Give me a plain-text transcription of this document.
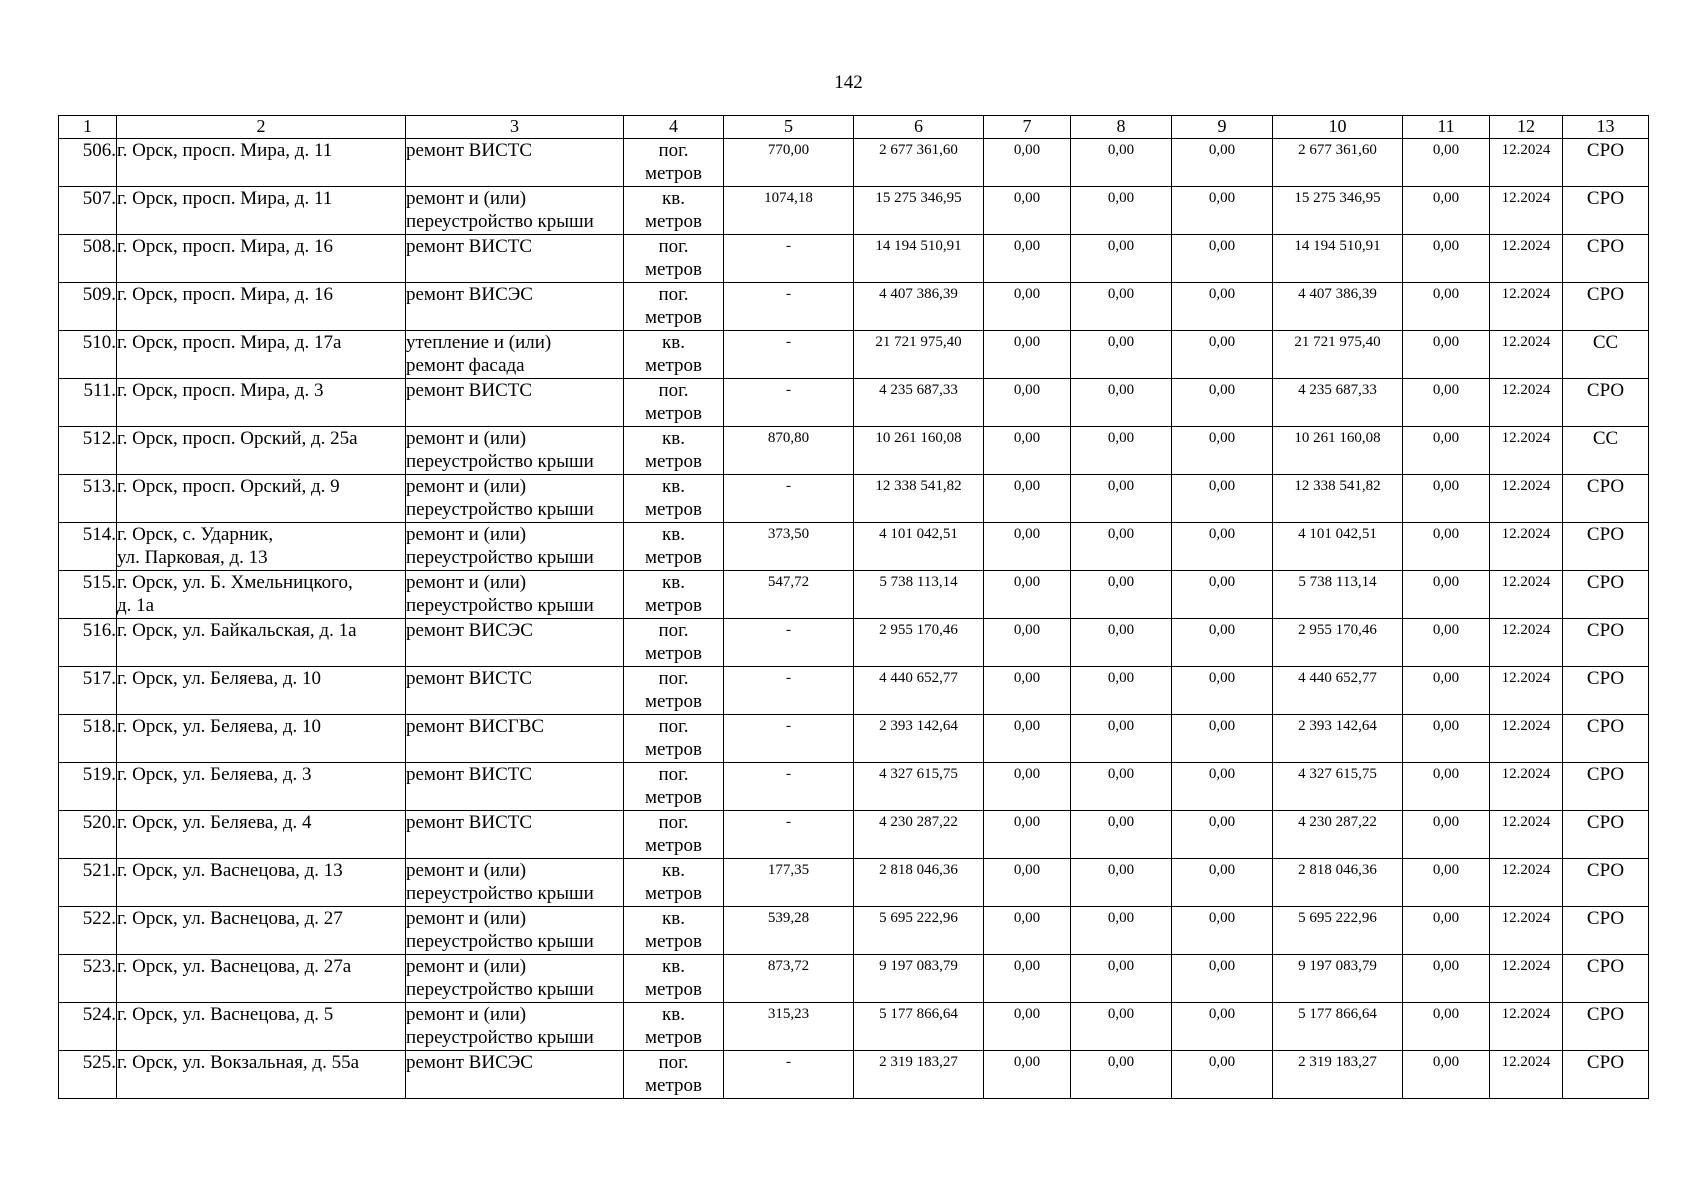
142
1	2	3	4	5	6	7	8	9	10	11	12	13
506.	г. Орск, просп. Мира, д. 11	ремонт ВИСТС	пог.
метров	770,00	2 677 361,60	0,00	0,00	0,00	2 677 361,60	0,00	12.2024	СРО
507.	г. Орск, просп. Мира, д. 11	ремонт и (или)
переустройство крыши	кв.
метров	1074,18	15 275 346,95	0,00	0,00	0,00	15 275 346,95	0,00	12.2024	СРО
508.	г. Орск, просп. Мира, д. 16	ремонт ВИСТС	пог.
метров	-	14 194 510,91	0,00	0,00	0,00	14 194 510,91	0,00	12.2024	СРО
509.	г. Орск, просп. Мира, д. 16	ремонт ВИСЭС	пог.
метров	-	4 407 386,39	0,00	0,00	0,00	4 407 386,39	0,00	12.2024	СРО
510.	г. Орск, просп. Мира, д. 17а	утепление и (или)
ремонт фасада	кв.
метров	-	21 721 975,40	0,00	0,00	0,00	21 721 975,40	0,00	12.2024	СС
511.	г. Орск, просп. Мира, д. 3	ремонт ВИСТС	пог.
метров	-	4 235 687,33	0,00	0,00	0,00	4 235 687,33	0,00	12.2024	СРО
512.	г. Орск, просп. Орский, д. 25а	ремонт и (или)
переустройство крыши	кв.
метров	870,80	10 261 160,08	0,00	0,00	0,00	10 261 160,08	0,00	12.2024	СС
513.	г. Орск, просп. Орский, д. 9	ремонт и (или)
переустройство крыши	кв.
метров	-	12 338 541,82	0,00	0,00	0,00	12 338 541,82	0,00	12.2024	СРО
514.	г. Орск, с. Ударник,
ул. Парковая, д. 13	ремонт и (или)
переустройство крыши	кв.
метров	373,50	4 101 042,51	0,00	0,00	0,00	4 101 042,51	0,00	12.2024	СРО
515.	г. Орск, ул. Б. Хмельницкого,
д. 1а	ремонт и (или)
переустройство крыши	кв.
метров	547,72	5 738 113,14	0,00	0,00	0,00	5 738 113,14	0,00	12.2024	СРО
516.	г. Орск, ул. Байкальская, д. 1а	ремонт ВИСЭС	пог.
метров	-	2 955 170,46	0,00	0,00	0,00	2 955 170,46	0,00	12.2024	СРО
517.	г. Орск, ул. Беляева, д. 10	ремонт ВИСТС	пог.
метров	-	4 440 652,77	0,00	0,00	0,00	4 440 652,77	0,00	12.2024	СРО
518.	г. Орск, ул. Беляева, д. 10	ремонт ВИСГВС	пог.
метров	-	2 393 142,64	0,00	0,00	0,00	2 393 142,64	0,00	12.2024	СРО
519.	г. Орск, ул. Беляева, д. 3	ремонт ВИСТС	пог.
метров	-	4 327 615,75	0,00	0,00	0,00	4 327 615,75	0,00	12.2024	СРО
520.	г. Орск, ул. Беляева, д. 4	ремонт ВИСТС	пог.
метров	-	4 230 287,22	0,00	0,00	0,00	4 230 287,22	0,00	12.2024	СРО
521.	г. Орск, ул. Васнецова, д. 13	ремонт и (или)
переустройство крыши	кв.
метров	177,35	2 818 046,36	0,00	0,00	0,00	2 818 046,36	0,00	12.2024	СРО
522.	г. Орск, ул. Васнецова, д. 27	ремонт и (или)
переустройство крыши	кв.
метров	539,28	5 695 222,96	0,00	0,00	0,00	5 695 222,96	0,00	12.2024	СРО
523.	г. Орск, ул. Васнецова, д. 27а	ремонт и (или)
переустройство крыши	кв.
метров	873,72	9 197 083,79	0,00	0,00	0,00	9 197 083,79	0,00	12.2024	СРО
524.	г. Орск, ул. Васнецова, д. 5	ремонт и (или)
переустройство крыши	кв.
метров	315,23	5 177 866,64	0,00	0,00	0,00	5 177 866,64	0,00	12.2024	СРО
525.	г. Орск, ул. Вокзальная, д. 55а	ремонт ВИСЭС	пог.
метров	-	2 319 183,27	0,00	0,00	0,00	2 319 183,27	0,00	12.2024	СРО
